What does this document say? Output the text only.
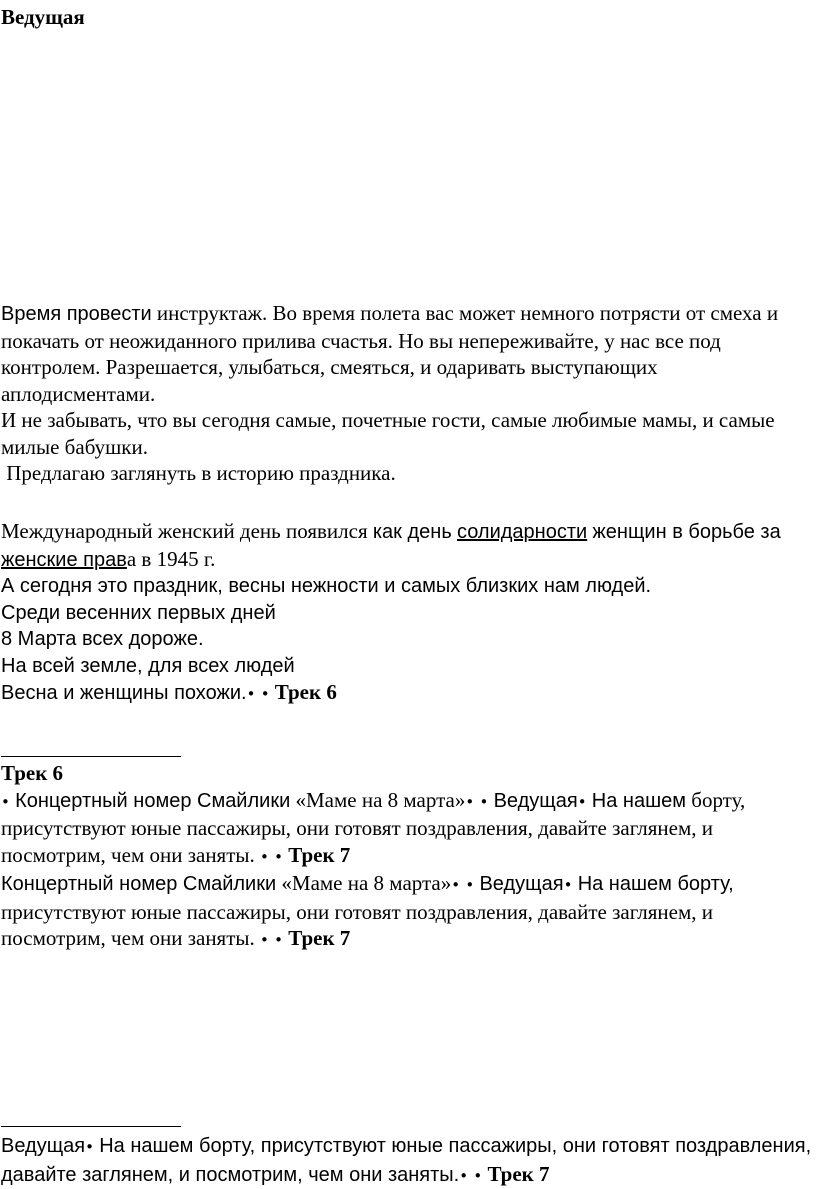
Ведущая

Время провести инструктаж. Во время полета вас может немного потрясти от смеха и покачать от неожиданного прилива счастья. Но вы непереживайте, у нас все под контролем. Разрешается, улыбаться, смеяться, и одаривать выступающих аплодисментами.

И не забывать, что вы сегодня самые, почетные гости, самые любимые мамы, и самые милые бабушки.

Предлагаю заглянуть в историю праздника.

Международный женский день появился как день солидарности женщин в борьбе за женские права в 1945 г.

А сегодня это праздник, весны нежности и самых близких нам людей.

Среди весенних первых дней

8 Марта всех дороже.

На всей земле, для всех людей

Весна и женщины похожи.• • Трек 6

Трек 6

• Концертный номер Смайлики «Маме на 8 марта»• • Ведущая• На нашем борту, присутствуют юные пассажиры, они готовят поздравления, давайте заглянем, и посмотрим, чем они заняты. • • Трек 7

Концертный номер Смайлики «Маме на 8 марта»• • Ведущая• На нашем борту, присутствуют юные пассажиры, они готовят поздравления, давайте заглянем, и посмотрим, чем они заняты. • • Трек 7

Ведущая• На нашем борту, присутствуют юные пассажиры, они готовят поздравления, давайте заглянем, и посмотрим, чем они заняты.• • Трек 7
